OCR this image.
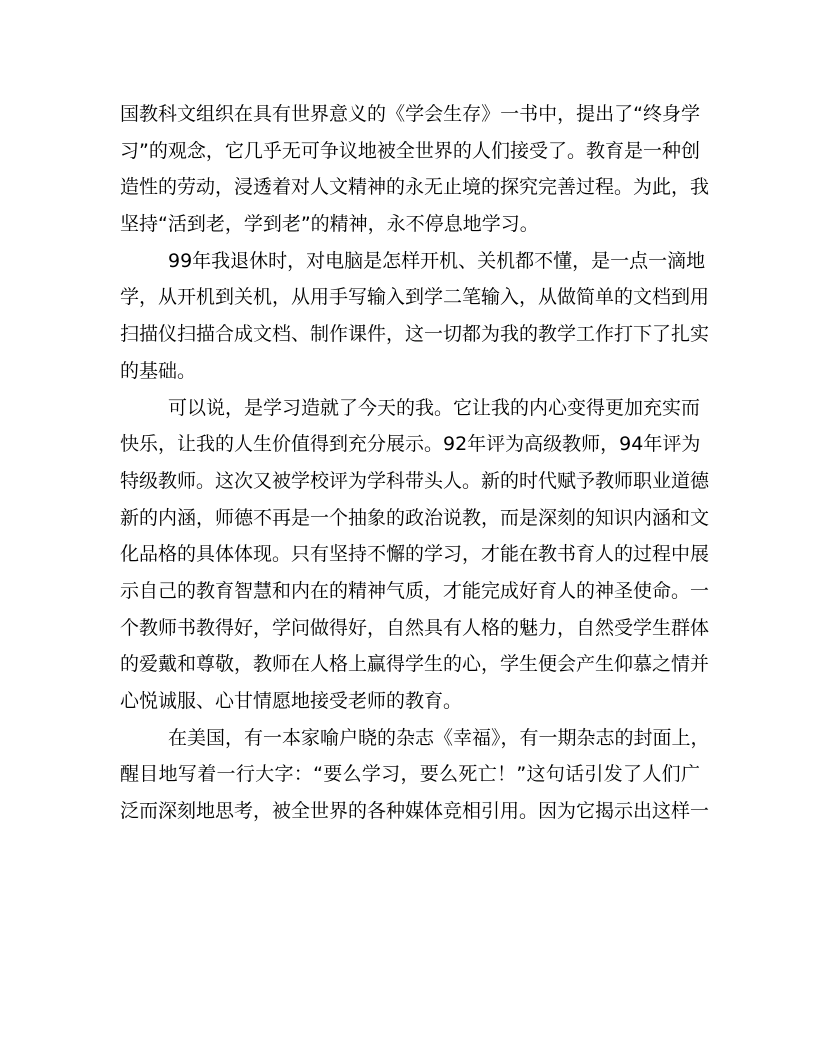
国教科文组织在具有世界意义的《学会生存》一书中，提出了“终身学
习”的观念，它几乎无可争议地被全世界的人们接受了。教育是一种创
造性的劳动，浸透着对人文精神的永无止境的探究完善过程。为此，我
坚持“活到老，学到老”的精神，永不停息地学习。
99年我退休时，对电脑是怎样开机、关机都不懂，是一点一滴地
学，从开机到关机，从用手写输入到学二笔输入，从做简单的文档到用
扫描仪扫描合成文档、制作课件，这一切都为我的教学工作打下了扎实
的基础。
可以说，是学习造就了今天的我。它让我的内心变得更加充实而
快乐，让我的人生价值得到充分展示。92年评为高级教师，94年评为
特级教师。这次又被学校评为学科带头人。新的时代赋予教师职业道德
新的内涵，师德不再是一个抽象的政治说教，而是深刻的知识内涵和文
化品格的具体体现。只有坚持不懈的学习，才能在教书育人的过程中展
示自己的教育智慧和内在的精神气质，才能完成好育人的神圣使命。一
个教师书教得好，学问做得好，自然具有人格的魅力，自然受学生群体
的爱戴和尊敬，教师在人格上赢得学生的心，学生便会产生仰慕之情并
心悦诚服、心甘情愿地接受老师的教育。
在美国，有一本家喻户晓的杂志《幸福》，有一期杂志的封面上，
醒目地写着一行大字：“要么学习，要么死亡！”这句话引发了人们广
泛而深刻地思考，被全世界的各种媒体竞相引用。因为它揭示出这样一
